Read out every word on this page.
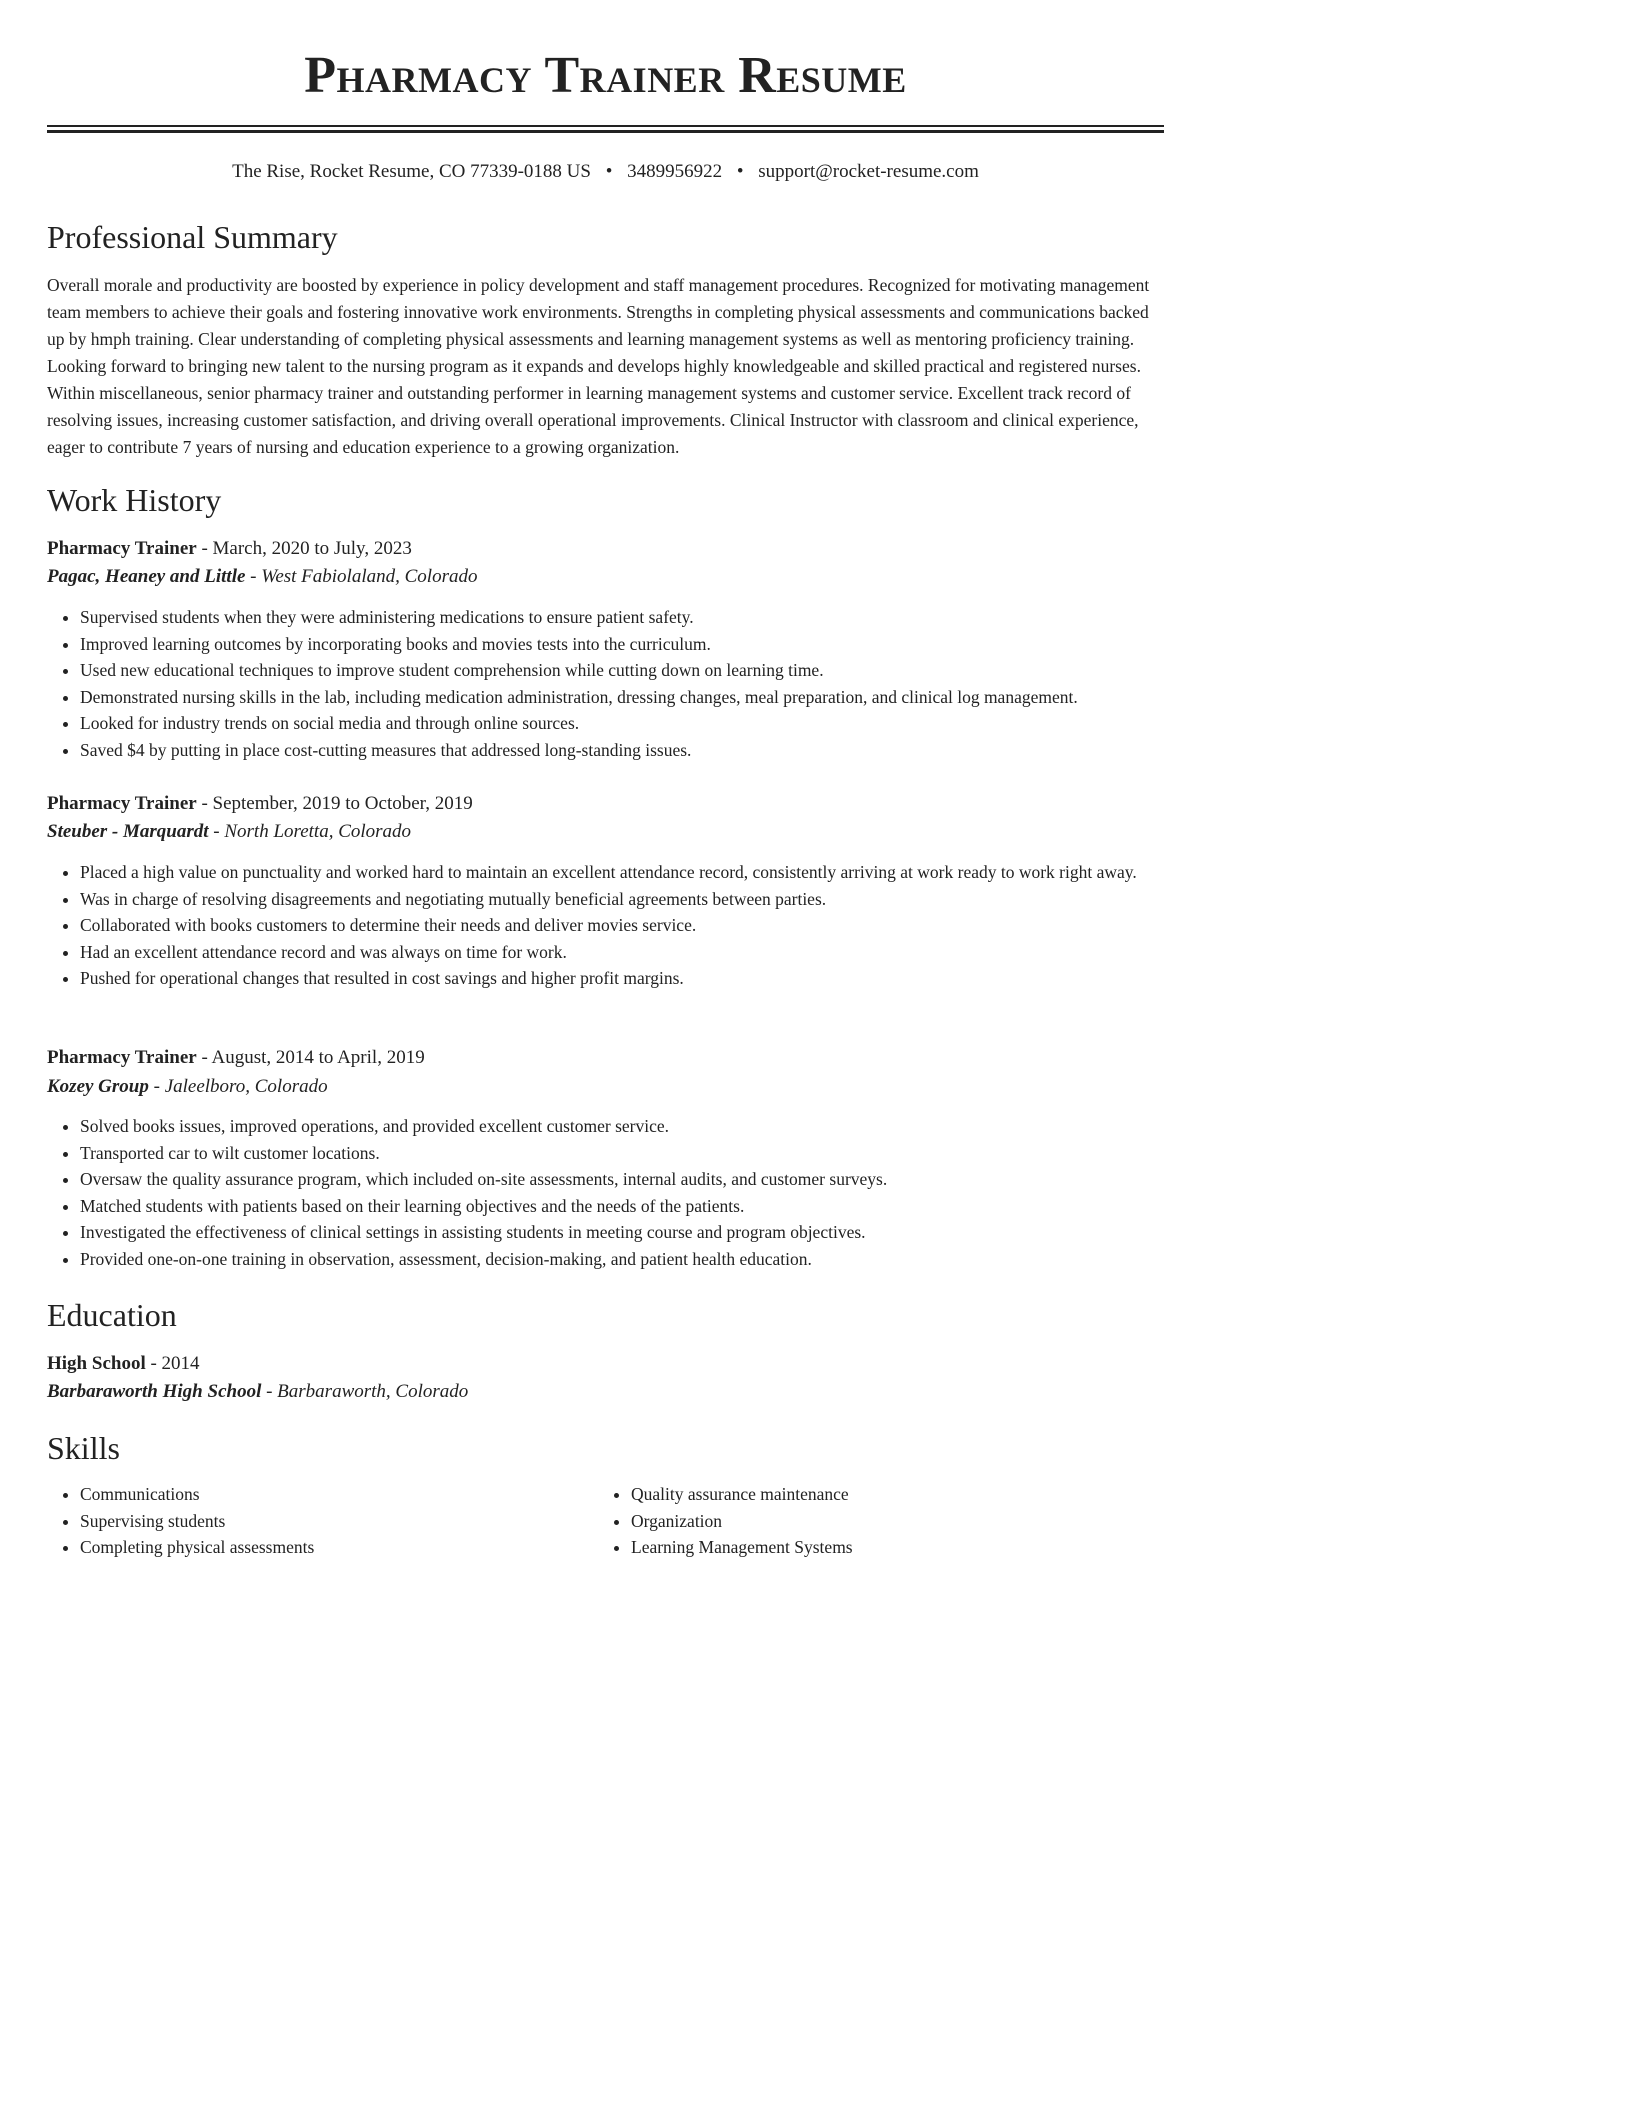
Pharmacy Trainer Resume
The Rise, Rocket Resume, CO 77339-0188 US • 3489956922 • support@rocket-resume.com
Professional Summary

Overall morale and productivity are boosted by experience in policy development and staff management procedures. Recognized for motivating management team members to achieve their goals and fostering innovative work environments. Strengths in completing physical assessments and communications backed up by hmph training. Clear understanding of completing physical assessments and learning management systems as well as mentoring proficiency training. Looking forward to bringing new talent to the nursing program as it expands and develops highly knowledgeable and skilled practical and registered nurses. Within miscellaneous, senior pharmacy trainer and outstanding performer in learning management systems and customer service. Excellent track record of resolving issues, increasing customer satisfaction, and driving overall operational improvements. Clinical Instructor with classroom and clinical experience, eager to contribute 7 years of nursing and education experience to a growing organization.

Work History
Pharmacy Trainer - March, 2020 to July, 2023
Pagac, Heaney and Little - West Fabiolaland, Colorado
• Supervised students when they were administering medications to ensure patient safety.
• Improved learning outcomes by incorporating books and movies tests into the curriculum.
• Used new educational techniques to improve student comprehension while cutting down on learning time.
• Demonstrated nursing skills in the lab, including medication administration, dressing changes, meal preparation, and clinical log management.
• Looked for industry trends on social media and through online sources.
• Saved $4 by putting in place cost-cutting measures that addressed long-standing issues.
Pharmacy Trainer - September, 2019 to October, 2019
Steuber - Marquardt - North Loretta, Colorado
• Placed a high value on punctuality and worked hard to maintain an excellent attendance record, consistently arriving at work ready to work right away.
• Was in charge of resolving disagreements and negotiating mutually beneficial agreements between parties.
• Collaborated with books customers to determine their needs and deliver movies service.
• Had an excellent attendance record and was always on time for work.
• Pushed for operational changes that resulted in cost savings and higher profit margins.
Pharmacy Trainer - August, 2014 to April, 2019
Kozey Group - Jaleelboro, Colorado
• Solved books issues, improved operations, and provided excellent customer service.
• Transported car to wilt customer locations.
• Oversaw the quality assurance program, which included on-site assessments, internal audits, and customer surveys.
• Matched students with patients based on their learning objectives and the needs of the patients.
• Investigated the effectiveness of clinical settings in assisting students in meeting course and program objectives.
• Provided one-on-one training in observation, assessment, decision-making, and patient health education.
Education
High School - 2014
Barbaraworth High School - Barbaraworth, Colorado
Skills
• Communications
• Supervising students
• Completing physical assessments
• Quality assurance maintenance
• Organization
• Learning Management Systems
